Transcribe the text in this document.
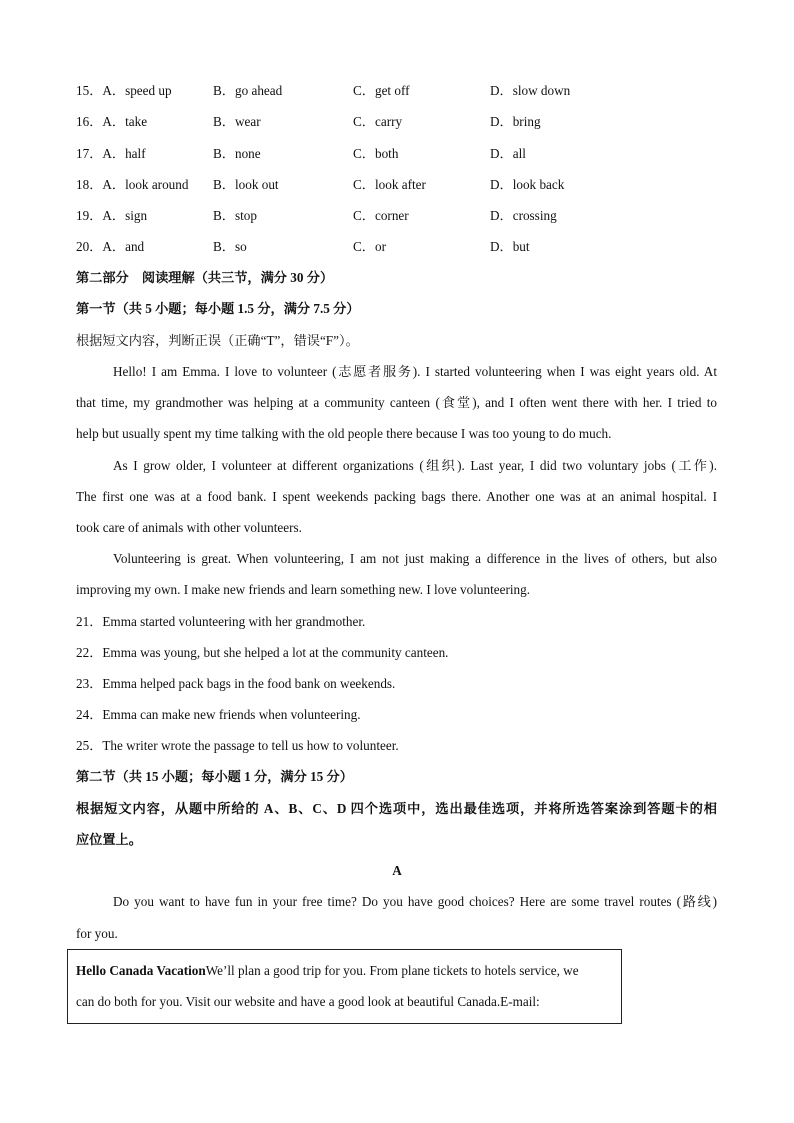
15．A．speed up	B．go ahead	C．get off	D．slow down
16．A．take	B．wear	C．carry	D．bring
17．A．half	B．none	C．both	D．all
18．A．look around B．look out	C．look after	D．look back
19．A．sign	B．stop	C．corner	D．crossing
20．A．and	B．so	C．or	D．but
第二部分　阅读理解（共三节，满分 30 分）
第一节（共 5 小题；每小题 1.5 分，满分 7.5 分）
根据短文内容，判断正误（正确“T”，错误“F”）。
Hello! I am Emma. I love to volunteer (志愿者服务). I started volunteering when I was eight years old. At
that time, my grandmother was helping at a community canteen (食堂), and I often went there with her. I tried to
help but usually spent my time talking with the old people there because I was too young to do much.
As I grow older, I volunteer at different organizations (组织). Last year, I did two voluntary jobs (工作).
The first one was at a food bank. I spent weekends packing bags there. Another one was at an animal hospital. I
took care of animals with other volunteers.
Volunteering is great. When volunteering, I am not just making a difference in the lives of others, but also
improving my own. I make new friends and learn something new. I love volunteering.
21．Emma started volunteering with her grandmother.
22．Emma was young, but she helped a lot at the community canteen.
23．Emma helped pack bags in the food bank on weekends.
24．Emma can make new friends when volunteering.
25．The writer wrote the passage to tell us how to volunteer.
第二节（共 15 小题；每小题 1 分，满分 15 分）
根据短文内容，从题中所给的 A、B、C、D 四个选项中，选出最佳选项，并将所选答案涂到答题卡的相
应位置上。
A
Do you want to have fun in your free time? Do you have good choices? Here are some travel routes (路线)
for you.
Hello Canada VacationWe’ll plan a good trip for you. From plane tickets to hotels service, we
can do both for you. Visit our website and have a good look at beautiful Canada.E-mail:
